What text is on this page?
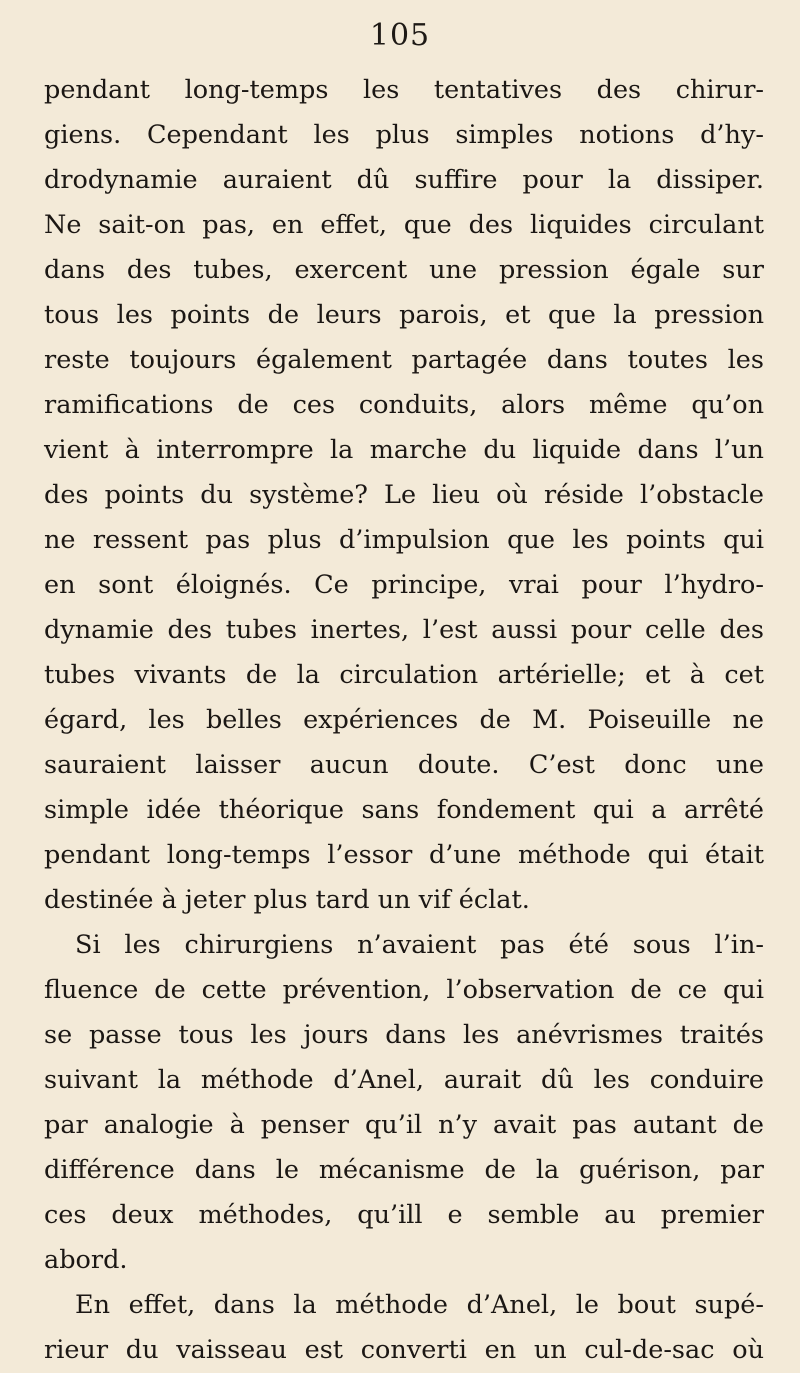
105
pendant long-temps les tentatives des chirur-
giens. Cependant les plus simples notions d’hy-
drodynamie auraient dû suffire pour la dissiper.
Ne sait-on pas, en effet, que des liquides circulant
dans des tubes, exercent une pression égale sur
tous les points de leurs parois, et que la pression
reste toujours également partagée dans toutes les
ramifications de ces conduits, alors même qu’on
vient à interrompre la marche du liquide dans l’un
des points du système? Le lieu où réside l’obstacle
ne ressent pas plus d’impulsion que les points qui
en sont éloignés. Ce principe, vrai pour l’hydro-
dynamie des tubes inertes, l’est aussi pour celle des
tubes vivants de la circulation artérielle; et à cet
égard, les belles expériences de M. Poiseuille ne
sauraient laisser aucun doute. C’est donc une
simple idée théorique sans fondement qui a arrêté
pendant long-temps l’essor d’une méthode qui était
destinée à jeter plus tard un vif éclat.
Si les chirurgiens n’avaient pas été sous l’in-
fluence de cette prévention, l’observation de ce qui
se passe tous les jours dans les anévrismes traités
suivant la méthode d’Anel, aurait dû les conduire
par analogie à penser qu’il n’y avait pas autant de
différence dans le mécanisme de la guérison, par
ces deux méthodes, qu’ill e semble au premier
abord.
En effet, dans la méthode d’Anel, le bout supé-
rieur du vaisseau est converti en un cul-de-sac où
